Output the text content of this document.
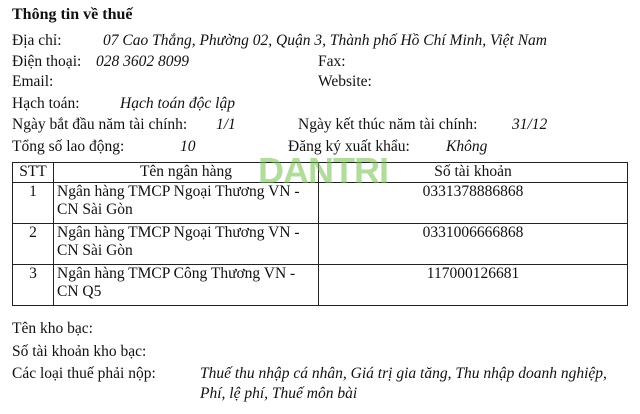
Thông tin về thuế
Địa chỉ:	07 Cao Thắng, Phường 02, Quận 3, Thành phố Hồ Chí Minh, Việt Nam
Điện thoại: 028 3602 8099	Fax:
Email:	Website:
Hạch toán:	Hạch toán độc lập
Ngày bắt đầu năm tài chính: 1/1	Ngày kết thúc năm tài chính: 31/12
Tổng số lao động:	10	Đăng ký xuất khẩu: Không
STT	Tên ngân hàng	Số tài khoản
1	Ngân hàng TMCP Ngoại Thương VN - CN Sài Gòn	0331378886868
2	Ngân hàng TMCP Ngoại Thương VN - CN Sài Gòn	0331006666868
3	Ngân hàng TMCP Công Thương VN - CN Q5	117000126681
DANTRI
Tên kho bạc:
Số tài khoản kho bạc:
Các loại thuế phải nộp:	Thuế thu nhập cá nhân, Giá trị gia tăng, Thu nhập doanh nghiệp, Phí, lệ phí, Thuế môn bài
